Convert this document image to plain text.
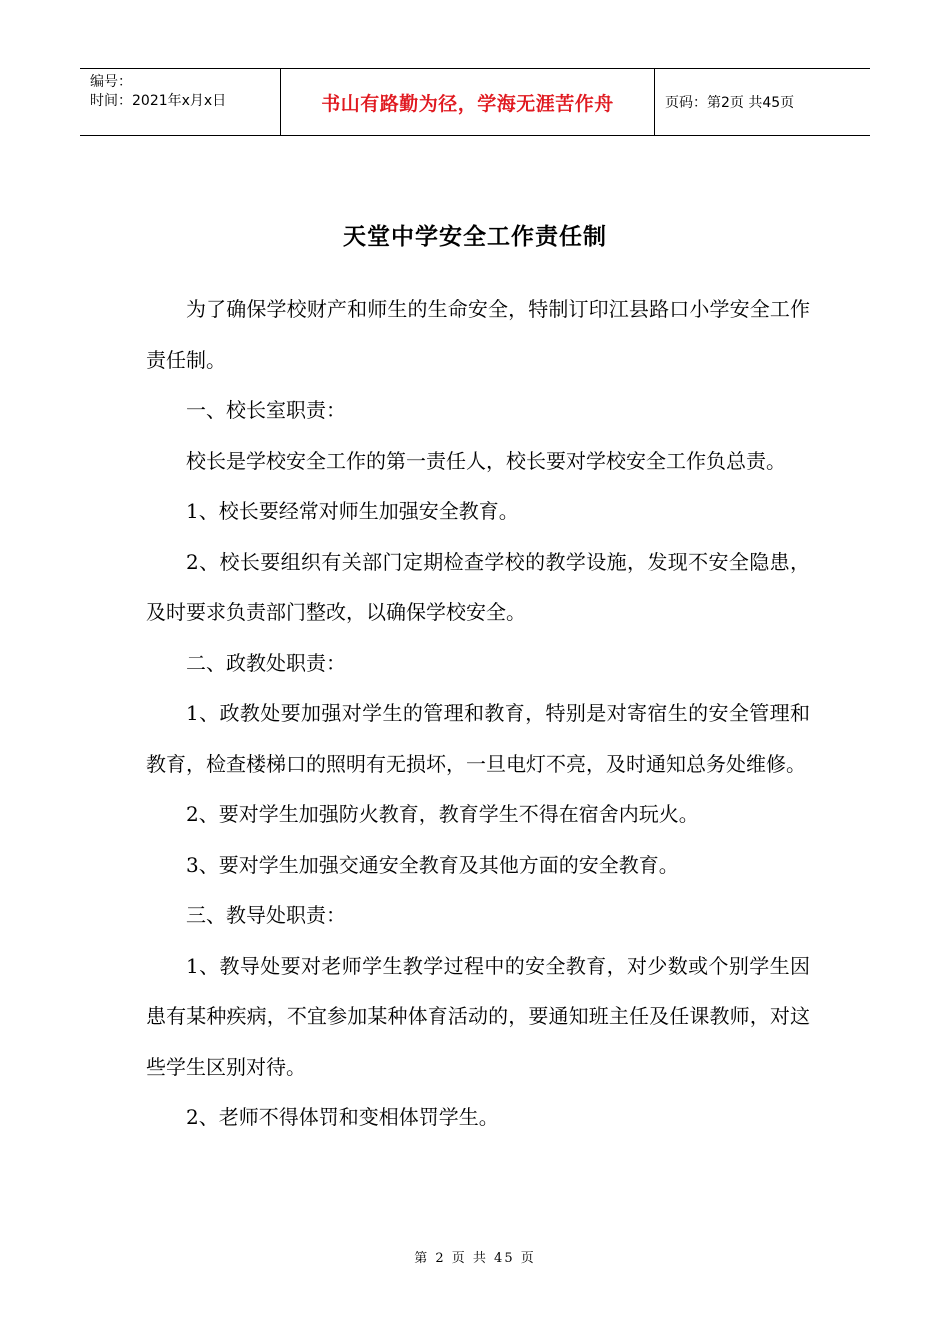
编号：
时间：2021年x月x日	书山有路勤为径，学海无涯苦作舟	页码：第2页 共45页
天堂中学安全工作责任制

为了确保学校财产和师生的生命安全，特制订印江县路口小学安全工作责任制。

一、校长室职责：

校长是学校安全工作的第一责任人，校长要对学校安全工作负总责。

1、校长要经常对师生加强安全教育。

2、校长要组织有关部门定期检查学校的教学设施，发现不安全隐患，及时要求负责部门整改，以确保学校安全。

二、政教处职责：

1、政教处要加强对学生的管理和教育，特别是对寄宿生的安全管理和教育，检查楼梯口的照明有无损坏，一旦电灯不亮，及时通知总务处维修。

2、要对学生加强防火教育，教育学生不得在宿舍内玩火。

3、要对学生加强交通安全教育及其他方面的安全教育。

三、教导处职责：

1、教导处要对老师学生教学过程中的安全教育，对少数或个别学生因患有某种疾病，不宜参加某种体育活动的，要通知班主任及任课教师，对这些学生区别对待。

2、老师不得体罚和变相体罚学生。

第 2 页 共 45 页
